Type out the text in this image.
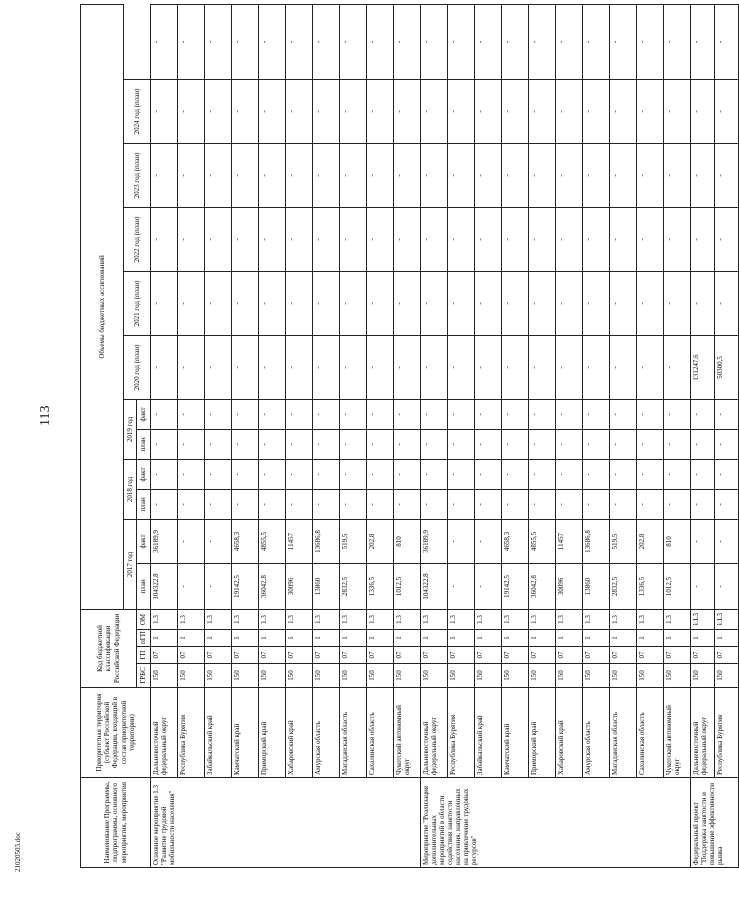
113
Наименование Программы, подпрограммы, основного мероприятия, мероприятия	Приоритетная территория (субъект Российской Федерации, входящий в состав приоритетной территории)	Код бюджетной классификации Российской Федерации				Объемы бюджетных ассигнований											
						2017 год		2018 год		2019 год		2020 год (план)	2021 год (план)	2022 год (план)	2023 год (план)	2024 год (план)	
		ГРБС	ГП	пГП	ОМ	план	факт	план	факт	план	факт						
Основное мероприятие 1.3 "Развитие трудовой мобильности населения"	Дальневосточный федеральный округ	150	07	1	1.3	104322,8	36189,9	-	-	-	-	-	-	-	-	-	-
	Республика Бурятия	150	07	1	1.3	-	-	-	-	-	-	-	-	-	-	-	-
	Забайкальский край	150	07	1	1.3	-	-	-	-	-	-	-	-	-	-	-	-
	Камчатский край	150	07	1	1.3	19142,5	4658,3	-	-	-	-	-	-	-	-	-	-
	Приморский край	150	07	1	1.3	36042,8	4855,5	-	-	-	-	-	-	-	-	-	-
	Хабаровский край	150	07	1	1.3	30096	11457	-	-	-	-	-	-	-	-	-	-
	Амурская область	150	07	1	1.3	13860	13686,8	-	-	-	-	-	-	-	-	-	-
	Магаданская область	150	07	1	1.3	2832,5	519,5	-	-	-	-	-	-	-	-	-	-
	Сахалинская область	150	07	1	1.3	1336,5	202,8	-	-	-	-	-	-	-	-	-	-
	Чукотский автономный округ	150	07	1	1.3	1012,5	810	-	-	-	-	-	-	-	-	-	-
Мероприятие "Реализация дополнительных мероприятий в области содействия занятости населения, направленных на привлечение трудовых ресурсов"	Дальневосточный федеральный округ	150	07	1	1.3	104322,8	36189,9	-	-	-	-	-	-	-	-	-	-
	Республика Бурятия	150	07	1	1.3	-	-	-	-	-	-	-	-	-	-	-	-
	Забайкальский край	150	07	1	1.3	-	-	-	-	-	-	-	-	-	-	-	-
	Камчатский край	150	07	1	1.3	19142,5	4658,3	-	-	-	-	-	-	-	-	-	-
	Приморский край	150	07	1	1.3	36042,8	4855,5	-	-	-	-	-	-	-	-	-	-
	Хабаровский край	150	07	1	1.3	30096	11457	-	-	-	-	-	-	-	-	-	-
	Амурская область	150	07	1	1.3	13860	13686,8	-	-	-	-	-	-	-	-	-	-
	Магаданская область	150	07	1	1.3	2832,5	519,5	-	-	-	-	-	-	-	-	-	-
	Сахалинская область	150	07	1	1.3	1336,5	202,8	-	-	-	-	-	-	-	-	-	-
	Чукотский автономный округ	150	07	1	1.3	1012,5	810	-	-	-	-	-	-	-	-	-	-
Федеральный проект "Поддержка занятости и повышение эффективности рынка	Дальневосточный федеральный округ	150	07	1	1.L3	-	-	-	-	-	-	131247,6	-	-	-	-	-
	Республика Бурятия	150	07	1	1.L3	-	-	-	-	-	-	50300,5	-	-	-	-	-
21020503.doc
